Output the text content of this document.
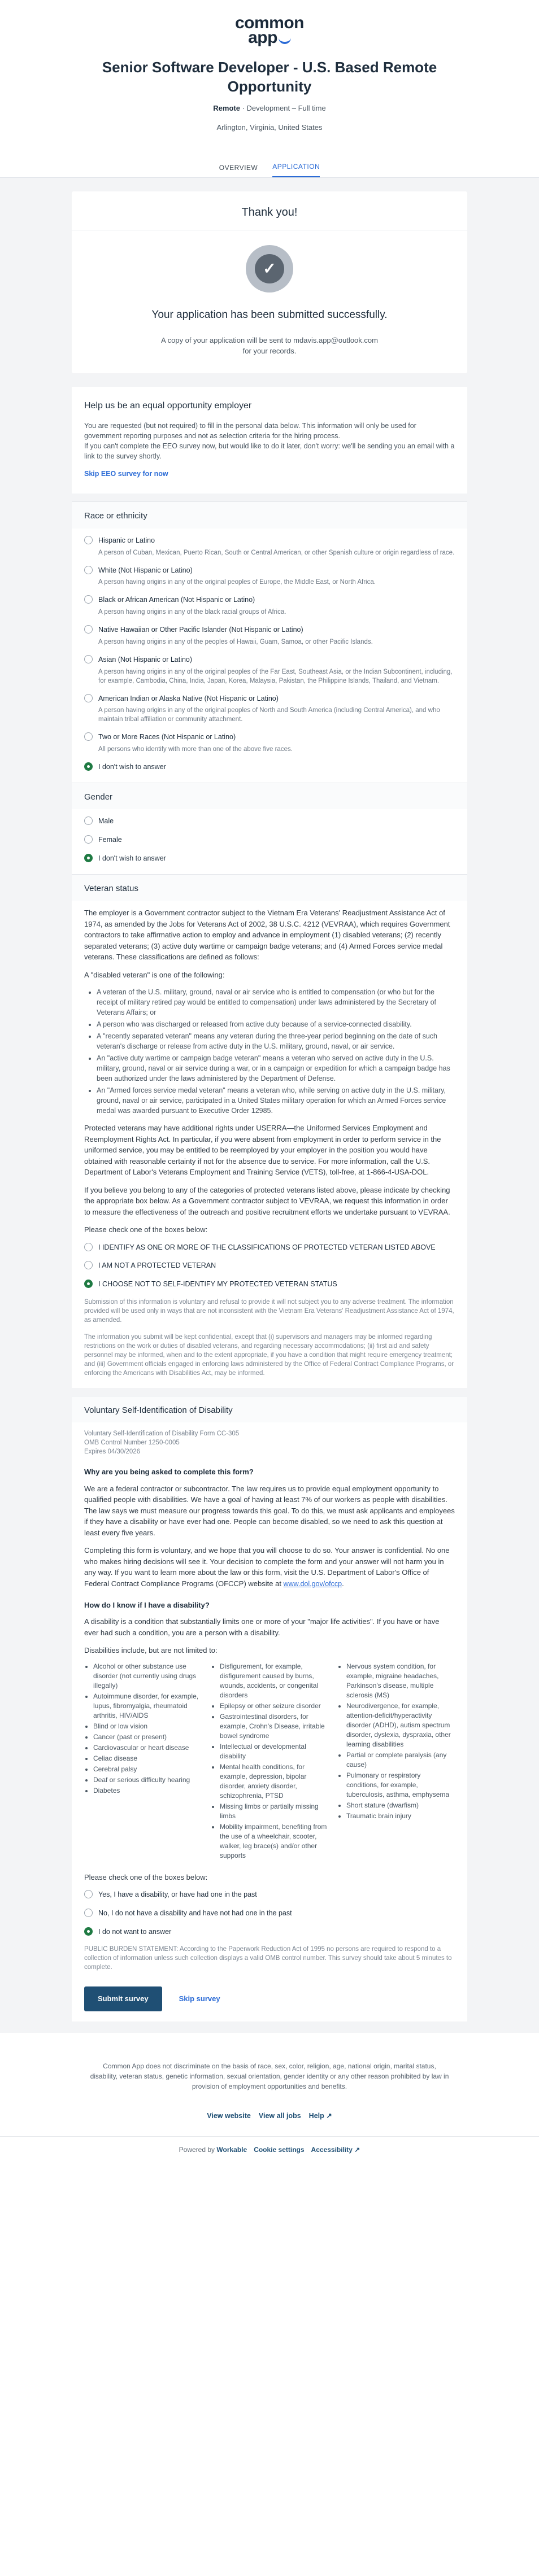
common
app
Senior Software Developer - U.S. Based Remote Opportunity
Remote · Development – Full time
Arlington, Virginia, United States
OVERVIEW APPLICATION
Thank you!
✓
Your application has been submitted successfully.
A copy of your application will be sent to mdavis.app@outlook.com
for your records.
Help us be an equal opportunity employer

You are requested (but not required) to fill in the personal data below. This information will only be used for government reporting purposes and not as selection criteria for the hiring process.

If you can't complete the EEO survey now, but would like to do it later, don't worry: we'll be sending you an email with a link to the survey shortly.

Skip EEO survey for now
Race or ethnicity
Hispanic or Latino
A person of Cuban, Mexican, Puerto Rican, South or Central American, or other Spanish culture or origin regardless of race.
White (Not Hispanic or Latino)
A person having origins in any of the original peoples of Europe, the Middle East, or North Africa.
Black or African American (Not Hispanic or Latino)
A person having origins in any of the black racial groups of Africa.
Native Hawaiian or Other Pacific Islander (Not Hispanic or Latino)
A person having origins in any of the peoples of Hawaii, Guam, Samoa, or other Pacific Islands.
Asian (Not Hispanic or Latino)
A person having origins in any of the original peoples of the Far East, Southeast Asia, or the Indian Subcontinent, including, for example, Cambodia, China, India, Japan, Korea, Malaysia, Pakistan, the Philippine Islands, Thailand, and Vietnam.
American Indian or Alaska Native (Not Hispanic or Latino)
A person having origins in any of the original peoples of North and South America (including Central America), and who maintain tribal affiliation or community attachment.
Two or More Races (Not Hispanic or Latino)
All persons who identify with more than one of the above five races.
I don't wish to answer
Gender
Male
Female
I don't wish to answer
Veteran status

The employer is a Government contractor subject to the Vietnam Era Veterans' Readjustment Assistance Act of 1974, as amended by the Jobs for Veterans Act of 2002, 38 U.S.C. 4212 (VEVRAA), which requires Government contractors to take affirmative action to employ and advance in employment (1) disabled veterans; (2) recently separated veterans; (3) active duty wartime or campaign badge veterans; and (4) Armed Forces service medal veterans. These classifications are defined as follows:

A "disabled veteran" is one of the following:

• A veteran of the U.S. military, ground, naval or air service who is entitled to compensation (or who but for the receipt of military retired pay would be entitled to compensation) under laws administered by the Secretary of Veterans Affairs; or
• A person who was discharged or released from active duty because of a service-connected disability.
• A "recently separated veteran" means any veteran during the three-year period beginning on the date of such veteran's discharge or release from active duty in the U.S. military, ground, naval, or air service.
• An "active duty wartime or campaign badge veteran" means a veteran who served on active duty in the U.S. military, ground, naval or air service during a war, or in a campaign or expedition for which a campaign badge has been authorized under the laws administered by the Department of Defense.
• An "Armed forces service medal veteran" means a veteran who, while serving on active duty in the U.S. military, ground, naval or air service, participated in a United States military operation for which an Armed Forces service medal was awarded pursuant to Executive Order 12985.

Protected veterans may have additional rights under USERRA—the Uniformed Services Employment and Reemployment Rights Act. In particular, if you were absent from employment in order to perform service in the uniformed service, you may be entitled to be reemployed by your employer in the position you would have obtained with reasonable certainty if not for the absence due to service. For more information, call the U.S. Department of Labor's Veterans Employment and Training Service (VETS), toll-free, at 1-866-4-USA-DOL.

If you believe you belong to any of the categories of protected veterans listed above, please indicate by checking the appropriate box below. As a Government contractor subject to VEVRAA, we request this information in order to measure the effectiveness of the outreach and positive recruitment efforts we undertake pursuant to VEVRAA.

Please check one of the boxes below:

I IDENTIFY AS ONE OR MORE OF THE CLASSIFICATIONS OF PROTECTED VETERAN LISTED ABOVE
I AM NOT A PROTECTED VETERAN
I CHOOSE NOT TO SELF-IDENTIFY MY PROTECTED VETERAN STATUS

Submission of this information is voluntary and refusal to provide it will not subject you to any adverse treatment. The information provided will be used only in ways that are not inconsistent with the Vietnam Era Veterans' Readjustment Assistance Act of 1974, as amended.

The information you submit will be kept confidential, except that (i) supervisors and managers may be informed regarding restrictions on the work or duties of disabled veterans, and regarding necessary accommodations; (ii) first aid and safety personnel may be informed, when and to the extent appropriate, if you have a condition that might require emergency treatment; and (iii) Government officials engaged in enforcing laws administered by the Office of Federal Contract Compliance Programs, or enforcing the Americans with Disabilities Act, may be informed.

Voluntary Self-Identification of Disability

Voluntary Self-Identification of Disability Form CC-305

OMB Control Number 1250-0005

Expires 04/30/2026

Why are you being asked to complete this form?

We are a federal contractor or subcontractor. The law requires us to provide equal employment opportunity to qualified people with disabilities. We have a goal of having at least 7% of our workers as people with disabilities. The law says we must measure our progress towards this goal. To do this, we must ask applicants and employees if they have a disability or have ever had one. People can become disabled, so we need to ask this question at least every five years.

Completing this form is voluntary, and we hope that you will choose to do so. Your answer is confidential. No one who makes hiring decisions will see it. Your decision to complete the form and your answer will not harm you in any way. If you want to learn more about the law or this form, visit the U.S. Department of Labor's Office of Federal Contract Compliance Programs (OFCCP) website at www.dol.gov/ofccp.

How do I know if I have a disability?

A disability is a condition that substantially limits one or more of your "major life activities". If you have or have ever had such a condition, you are a person with a disability.

Disabilities include, but are not limited to:

• Alcohol or other substance use disorder (not currently using drugs illegally)
• Autoimmune disorder, for example, lupus, fibromyalgia, rheumatoid arthritis, HIV/AIDS
• Blind or low vision
• Cancer (past or present)
• Cardiovascular or heart disease
• Celiac disease
• Cerebral palsy
• Deaf or serious difficulty hearing
• Diabetes
• Disfigurement, for example, disfigurement caused by burns, wounds, accidents, or congenital disorders
• Epilepsy or other seizure disorder
• Gastrointestinal disorders, for example, Crohn's Disease, irritable bowel syndrome
• Intellectual or developmental disability
• Mental health conditions, for example, depression, bipolar disorder, anxiety disorder, schizophrenia, PTSD
• Missing limbs or partially missing limbs
• Mobility impairment, benefiting from the use of a wheelchair, scooter, walker, leg brace(s) and/or other supports
• Nervous system condition, for example, migraine headaches, Parkinson's disease, multiple sclerosis (MS)
• Neurodivergence, for example, attention-deficit/hyperactivity disorder (ADHD), autism spectrum disorder, dyslexia, dyspraxia, other learning disabilities
• Partial or complete paralysis (any cause)
• Pulmonary or respiratory conditions, for example, tuberculosis, asthma, emphysema
• Short stature (dwarfism)
• Traumatic brain injury

Please check one of the boxes below:

Yes, I have a disability, or have had one in the past
No, I do not have a disability and have not had one in the past
I do not want to answer

PUBLIC BURDEN STATEMENT: According to the Paperwork Reduction Act of 1995 no persons are required to respond to a collection of information unless such collection displays a valid OMB control number. This survey should take about 5 minutes to complete.

Submit survey	Skip survey
Common App does not discriminate on the basis of race, sex, color, religion, age, national origin, marital status, disability, veteran status, genetic information, sexual orientation, gender identity or any other reason prohibited by law in provision of employment opportunities and benefits.
View website View all jobs Help ↗
Powered by Workable Cookie settings Accessibility ↗
